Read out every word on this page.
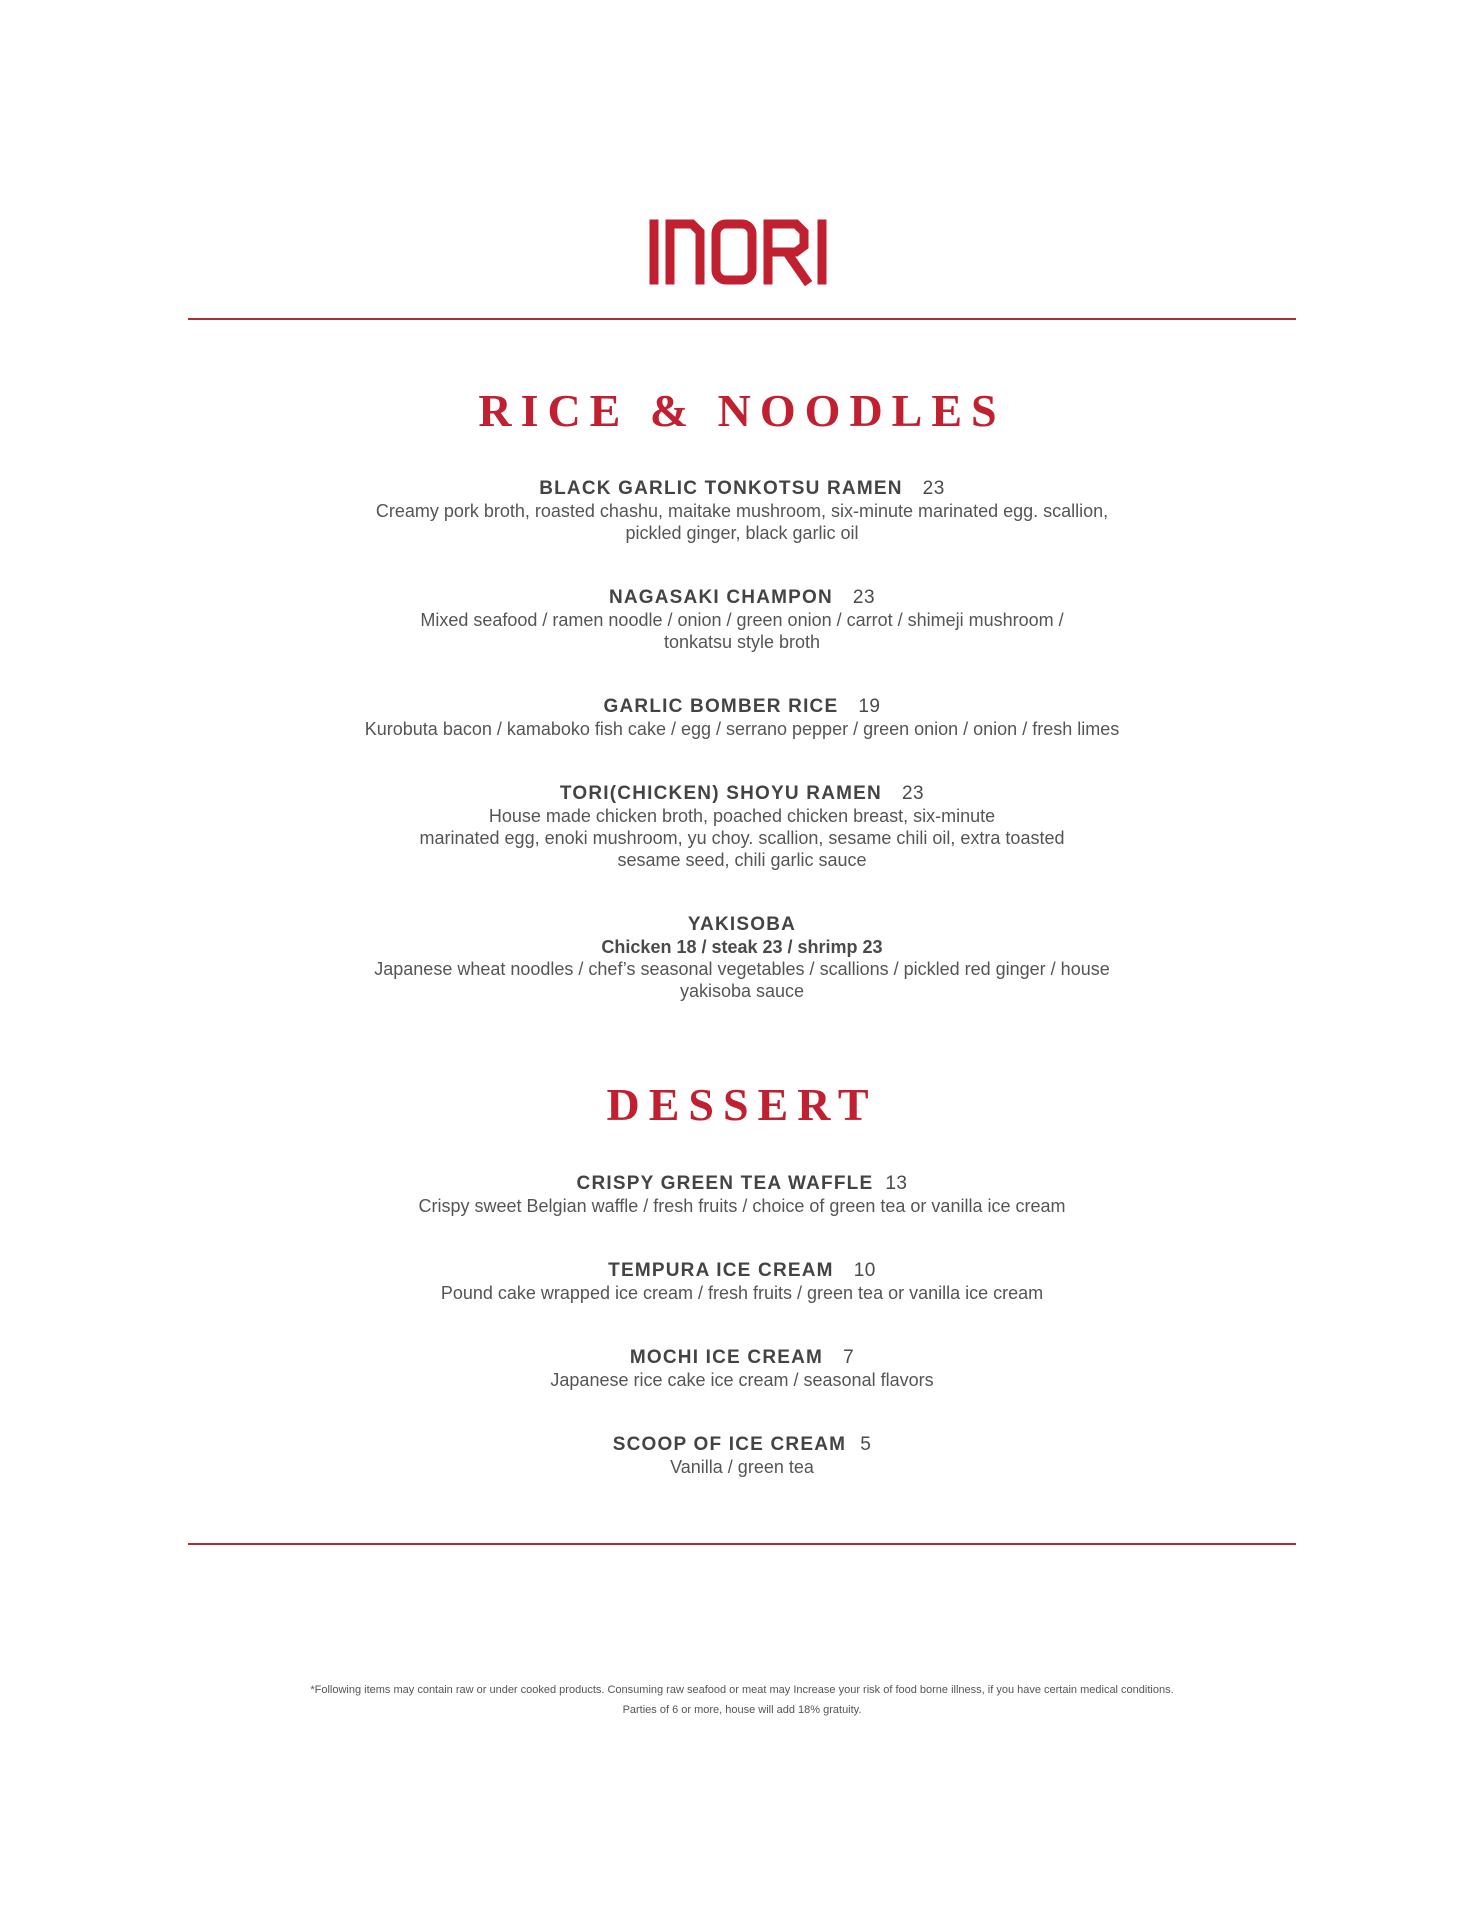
RICE & NOODLES
BLACK GARLIC TONKOTSU RAMEN 23
Creamy pork broth, roasted chashu, maitake mushroom, six-minute marinated egg. scallion,
pickled ginger, black garlic oil
NAGASAKI CHAMPON 23
Mixed seafood / ramen noodle / onion / green onion / carrot / shimeji mushroom /
tonkatsu style broth
GARLIC BOMBER RICE 19
Kurobuta bacon / kamaboko fish cake / egg / serrano pepper / green onion / onion / fresh limes
TORI(CHICKEN) SHOYU RAMEN 23
House made chicken broth, poached chicken breast, six-minute
marinated egg, enoki mushroom, yu choy. scallion, sesame chili oil, extra toasted
sesame seed, chili garlic sauce
YAKISOBA
Chicken 18 / steak 23 / shrimp 23
Japanese wheat noodles / chef’s seasonal vegetables / scallions / pickled red ginger / house
yakisoba sauce
DESSERT
CRISPY GREEN TEA WAFFLE 13
Crispy sweet Belgian waffle / fresh fruits / choice of green tea or vanilla ice cream
TEMPURA ICE CREAM 10
Pound cake wrapped ice cream / fresh fruits / green tea or vanilla ice cream
MOCHI ICE CREAM 7
Japanese rice cake ice cream / seasonal flavors
SCOOP OF ICE CREAM 5
Vanilla / green tea
*Following items may contain raw or under cooked products. Consuming raw seafood or meat may Increase your risk of food borne illness, if you have certain medical conditions.
Parties of 6 or more, house will add 18% gratuity.
